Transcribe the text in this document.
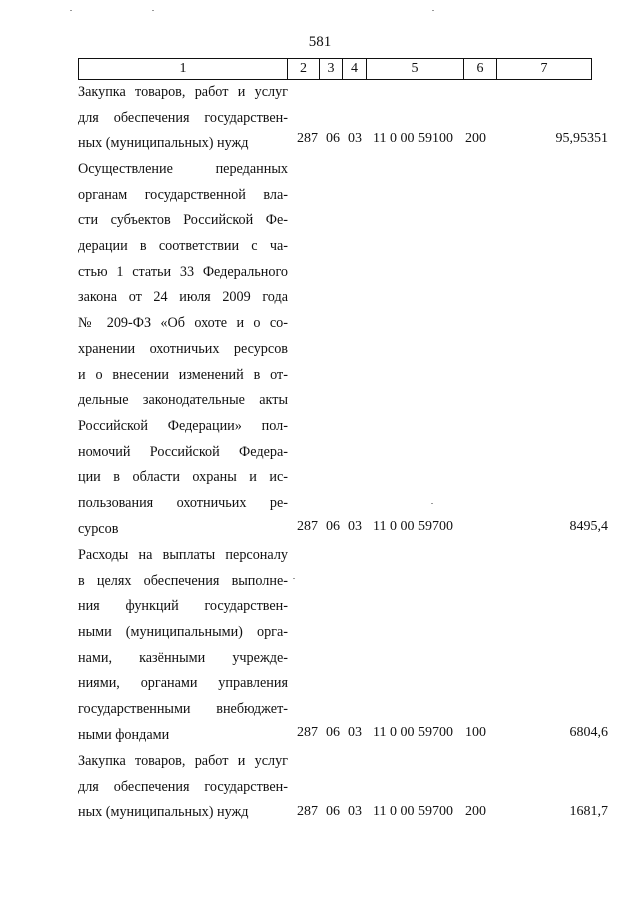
581
1	2	3	4	5	6	7
Закупка товаров, работ и услуг
для обеспечения государствен-
ных (муниципальных) нужд	287 06 03 11 0 00 59100 200	95,95351
Осуществление переданных
органам государственной вла-
сти субъектов Российской Фе-
дерации в соответствии с ча-
стью 1 статьи 33 Федерального
закона от 24 июля 2009 года
№ 209-ФЗ «Об охоте и о со-
хранении охотничьих ресурсов
и о внесении изменений в от-
дельные законодательные акты
Российской Федерации» пол-
номочий Российской Федера-
ции в области охраны и ис-
пользования охотничьих ре-
сурсов	287 06 03 11 0 00 59700	8495,4
Расходы на выплаты персоналу
в целях обеспечения выполне-
ния функций государствен-
ными (муниципальными) орга-
нами, казёнными учрежде-
ниями, органами управления
государственными внебюджет-
ными фондами	287 06 03 11 0 00 59700 100	6804,6
Закупка товаров, работ и услуг
для обеспечения государствен-
ных (муниципальных) нужд	287 06 03 11 0 00 59700 200	1681,7
